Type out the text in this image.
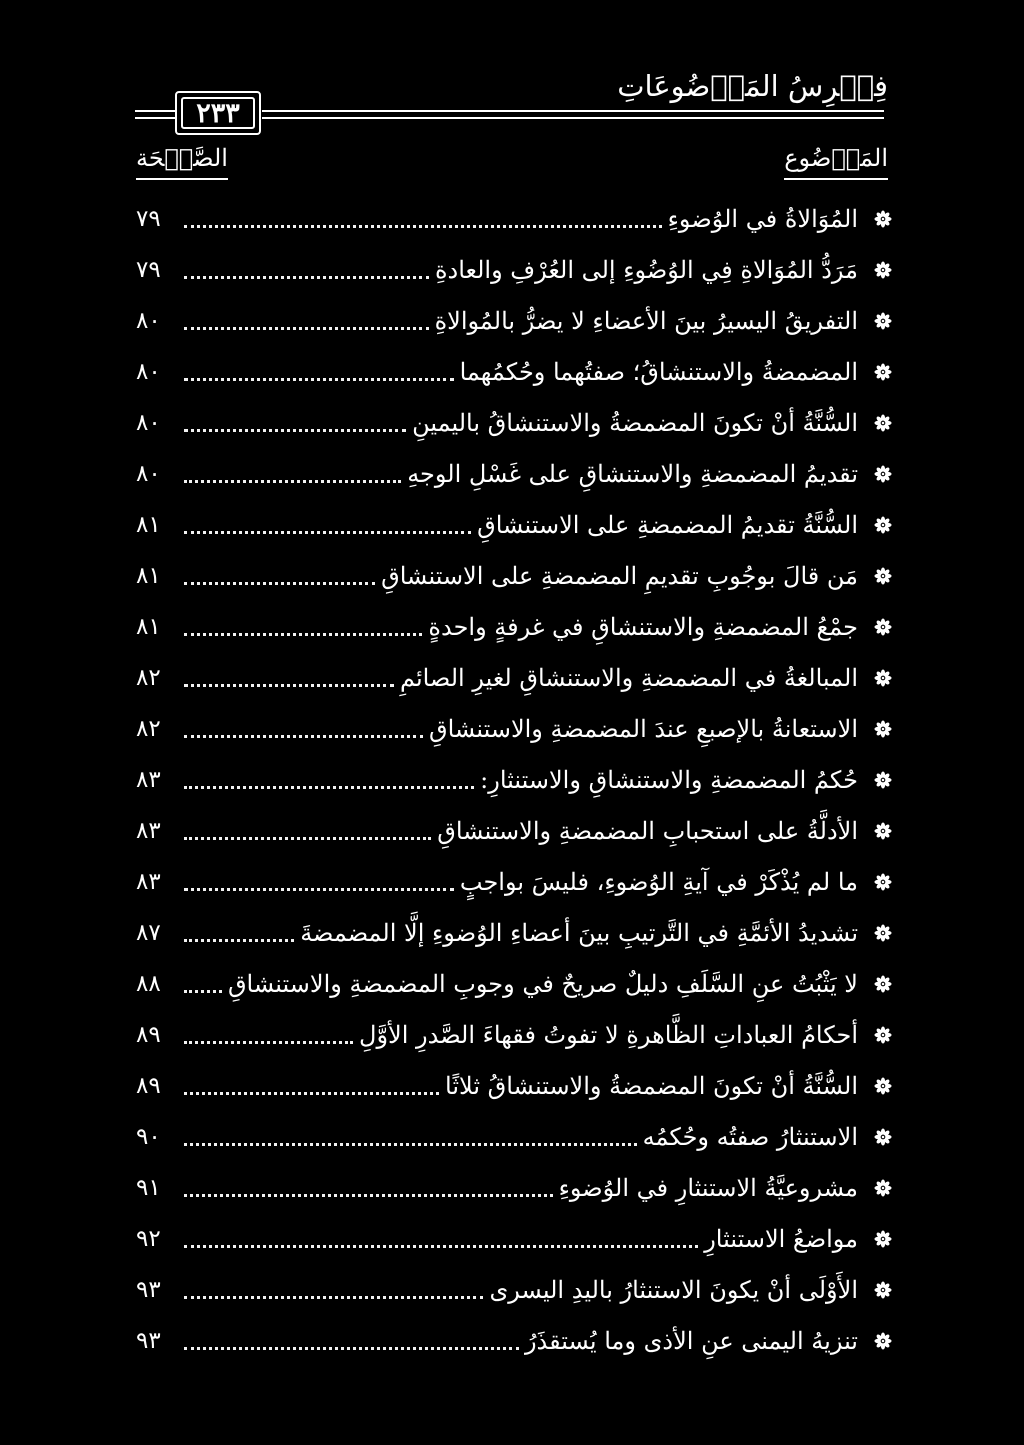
فِهۡرِسُ المَوۡضُوعَاتِ
٢٣٣
المَوۡضُوع
الصَّفۡحَة
المُوَالاةُ في الوُضوءِ
٧٩
مَرَدُّ المُوَالاةِ فِي الوُضُوءِ إلى العُرْفِ والعادةِ
٧٩
التفريقُ اليسيرُ بينَ الأعضاءِ لا يضرُّ بالمُوالاةِ
٨٠
المضمضةُ والاستنشاقُ؛ صفتُهما وحُكمُهما
٨٠
السُّنَّةُ أنْ تكونَ المضمضةُ والاستنشاقُ باليمينِ
٨٠
تقديمُ المضمضةِ والاستنشاقِ على غَسْلِ الوجهِ
٨٠
السُّنَّةُ تقديمُ المضمضةِ على الاستنشاقِ
٨١
مَن قالَ بوجُوبِ تقديمِ المضمضةِ على الاستنشاقِ
٨١
جمْعُ المضمضةِ والاستنشاقِ في غرفةٍ واحدةٍ
٨١
المبالغةُ في المضمضةِ والاستنشاقِ لغيرِ الصائمِ
٨٢
الاستعانةُ بالإصبعِ عندَ المضمضةِ والاستنشاقِ
٨٢
حُكمُ المضمضةِ والاستنشاقِ والاستنثارِ:
٨٣
الأدلَّةُ على استحبابِ المضمضةِ والاستنشاقِ
٨٣
ما لم يُذْكَرْ في آيةِ الوُضوءِ، فليسَ بواجبٍ
٨٣
تشديدُ الأئمَّةِ في التَّرتيبِ بينَ أعضاءِ الوُضوءِ إلَّا المضمضةَ
٨٧
لا يَثْبُتُ عنِ السَّلَفِ دليلٌ صريحٌ في وجوبِ المضمضةِ والاستنشاقِ
٨٨
أحكامُ العباداتِ الظَّاهرةِ لا تفوتُ فقهاءَ الصَّدرِ الأوَّلِ
٨٩
السُّنَّةُ أنْ تكونَ المضمضةُ والاستنشاقُ ثلاثًا
٨٩
الاستنثارُ صفتُه وحُكمُه
٩٠
مشروعيَّةُ الاستنثارِ في الوُضوءِ
٩١
مواضعُ الاستنثارِ
٩٢
الأَوْلَى أنْ يكونَ الاستنثارُ باليدِ اليسرى
٩٣
تنزيهُ اليمنى عنِ الأذى وما يُستقذَرُ
٩٣
